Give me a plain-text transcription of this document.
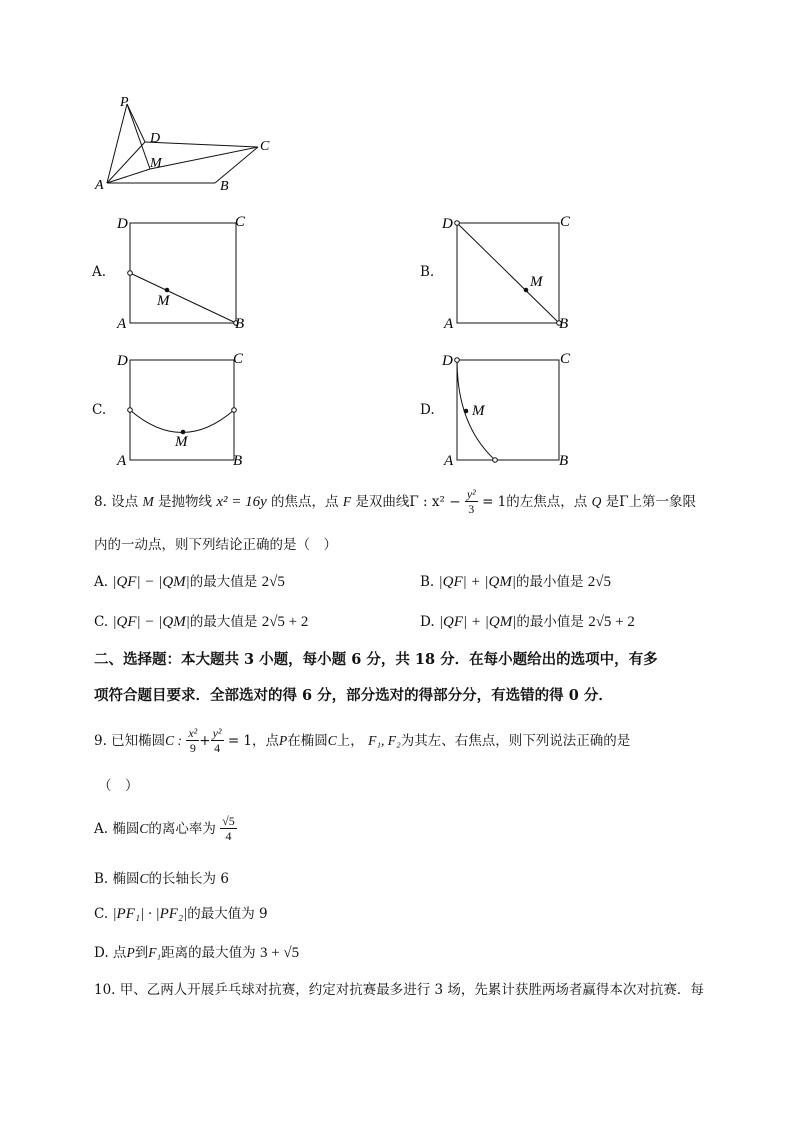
P
D
M
C
A	B
A.
D	C
A	B
M
B.
D	C
A	B
M
C.
D	C
A	B
M
D.
D	C
A	B
M
8. 设点 M 是抛物线 x² = 16y 的焦点，点 F 是双曲线Γ : $x^2 - \frac{\text{y²}}{3} = 1$的左焦点，点 Q 是Γ上第一象限
内的一动点，则下列结论正确的是（　）
A. |QF| − |QM|的最大值是 2√5	B. |QF| + |QM|的最小值是 2√5
C. |QF| − |QM|的最大值是 2√5 + 2	D. |QF| + |QM|的最小值是 2√5 + 2
二、选择题：本大题共 3 小题，每小题 6 分，共 18 分．在每小题给出的选项中，有多
项符合题目要求．全部选对的得 6 分，部分选对的得部分分，有选错的得 0 分．
9. 已知椭圆C : $\frac{\text{x²}}{9} + \frac{\text{y²}}{4} = 1$，点P在椭圆C上， F₁, F₂为其左、右焦点，则下列说法正确的是
（　）
A. 椭圆C的离心率为 $\frac{√5}{4}$
B. 椭圆C的长轴长为 6
C. |PF₁| · |PF₂|的最大值为 9
D. 点P到F₁距离的最大值为 3 + √5
10. 甲、乙两人开展乒乓球对抗赛，约定对抗赛最多进行 3 场，先累计获胜两场者赢得本次对抗赛．每
